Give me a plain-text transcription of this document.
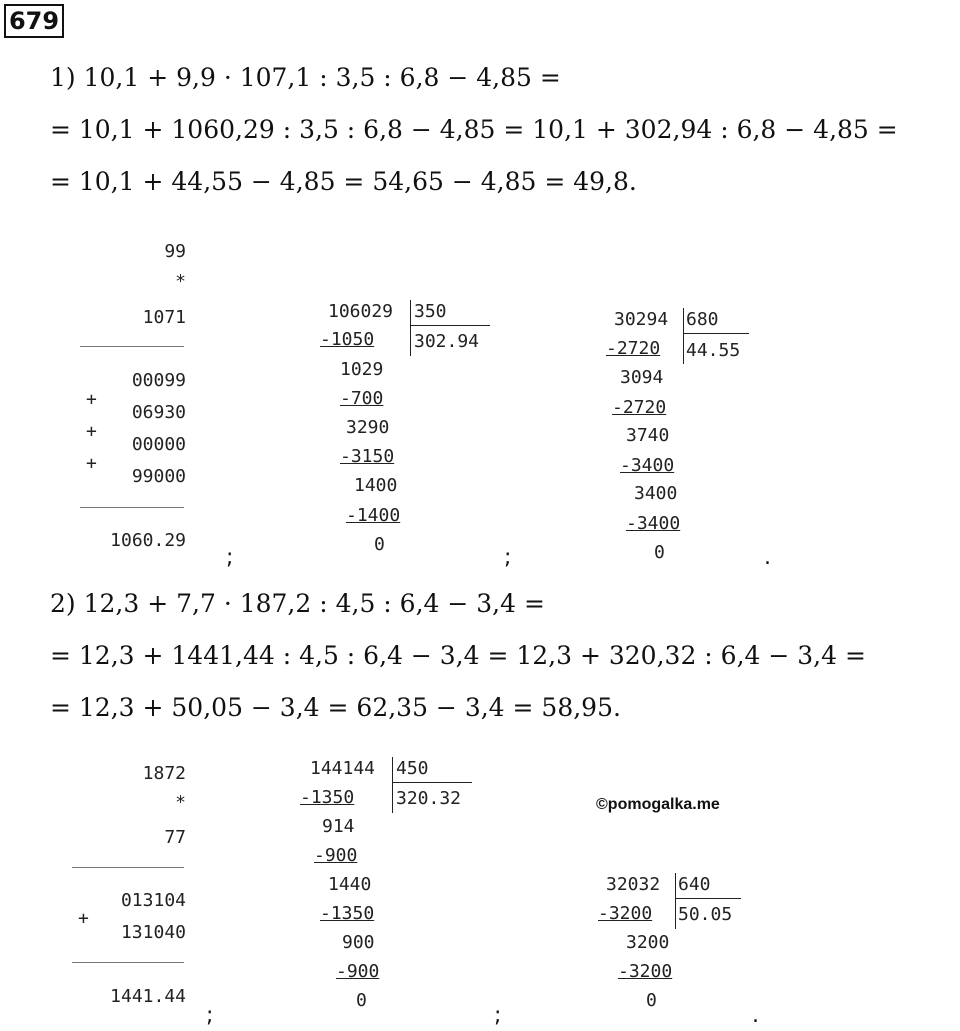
679
1) 10,1 + 9,9 · 107,1 : 3,5 : 6,8 − 4,85 =
= 10,1 + 1060,29 : 3,5 : 6,8 − 4,85 = 10,1 + 302,94 : 6,8 − 4,85 =
= 10,1 + 44,55 − 4,85 = 54,65 − 4,85 = 49,8.
99
*
1071
00099
+
06930
+
00000
+
99000
1060.29
;
106029 350
302.94
-1050
1029
-700
3290
-3150
1400
-1400
0
;
30294 680
44.55
-2720
3094
-2720
3740
-3400
3400
-3400
0	.
2) 12,3 + 7,7 · 187,2 : 4,5 : 6,4 − 3,4 =
= 12,3 + 1441,44 : 4,5 : 6,4 − 3,4 = 12,3 + 320,32 : 6,4 − 3,4 =
= 12,3 + 50,05 − 3,4 = 62,35 − 3,4 = 58,95.
1872
*
77
013104
+
131040
1441.44
;
144144 450
320.32
-1350
914
-900
1440
-1350
900
-900
0
;
©pomogalka.me
32032 640
50.05
-3200
3200
-3200
0
.
